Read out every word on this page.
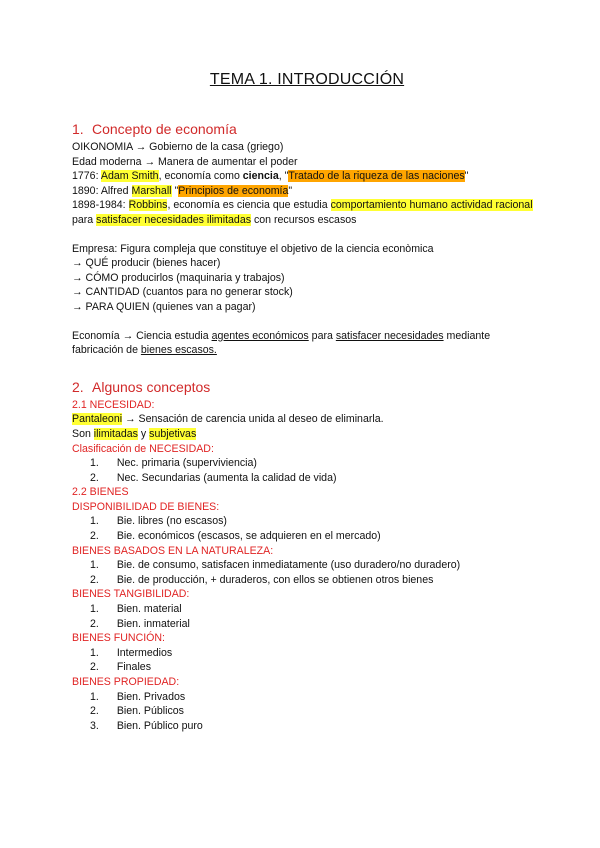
TEMA 1. INTRODUCCIÓN
1. Concepto de economía
OIKONOMIA → Gobierno de la casa (griego)
Edad moderna → Manera de aumentar el poder
1776: Adam Smith, economía como ciencia, "Tratado de la riqueza de las naciones"
1890: Alfred Marshall "Principios de economía"
1898-1984: Robbins, economía es ciencia que estudia comportamiento humano actividad racional para satisfacer necesidades ilimitadas con recursos escasos
Empresa: Figura compleja que constituye el objetivo de la ciencia econòmica
→ QUÉ producir (bienes hacer)
→ CÓMO producirlos (maquinaria y trabajos)
→ CANTIDAD (cuantos para no generar stock)
→ PARA QUIEN (quienes van a pagar)
Economía → Ciencia estudia agentes económicos para satisfacer necesidades mediante fabricación de bienes escasos.
2. Algunos conceptos
2.1 NECESIDAD:
Pantaleoni → Sensación de carencia unida al deseo de eliminarla.
Son ilimitadas y subjetivas
Clasificación de NECESIDAD:
1. Nec. primaria (superviviencia)
2. Nec. Secundarias (aumenta la calidad de vida)
2.2 BIENES
DISPONIBILIDAD DE BIENES:
1. Bie. libres (no escasos)
2. Bie. económicos (escasos, se adquieren en el mercado)
BIENES BASADOS EN LA NATURALEZA:
1. Bie. de consumo, satisfacen inmediatamente (uso duradero/no duradero)
2. Bie. de producción, + duraderos, con ellos se obtienen otros bienes
BIENES TANGIBILIDAD:
1. Bien. material
2. Bien. inmaterial
BIENES FUNCIÓN:
1. Intermedios
2. Finales
BIENES PROPIEDAD:
1. Bien. Privados
2. Bien. Públicos
3. Bien. Público puro
